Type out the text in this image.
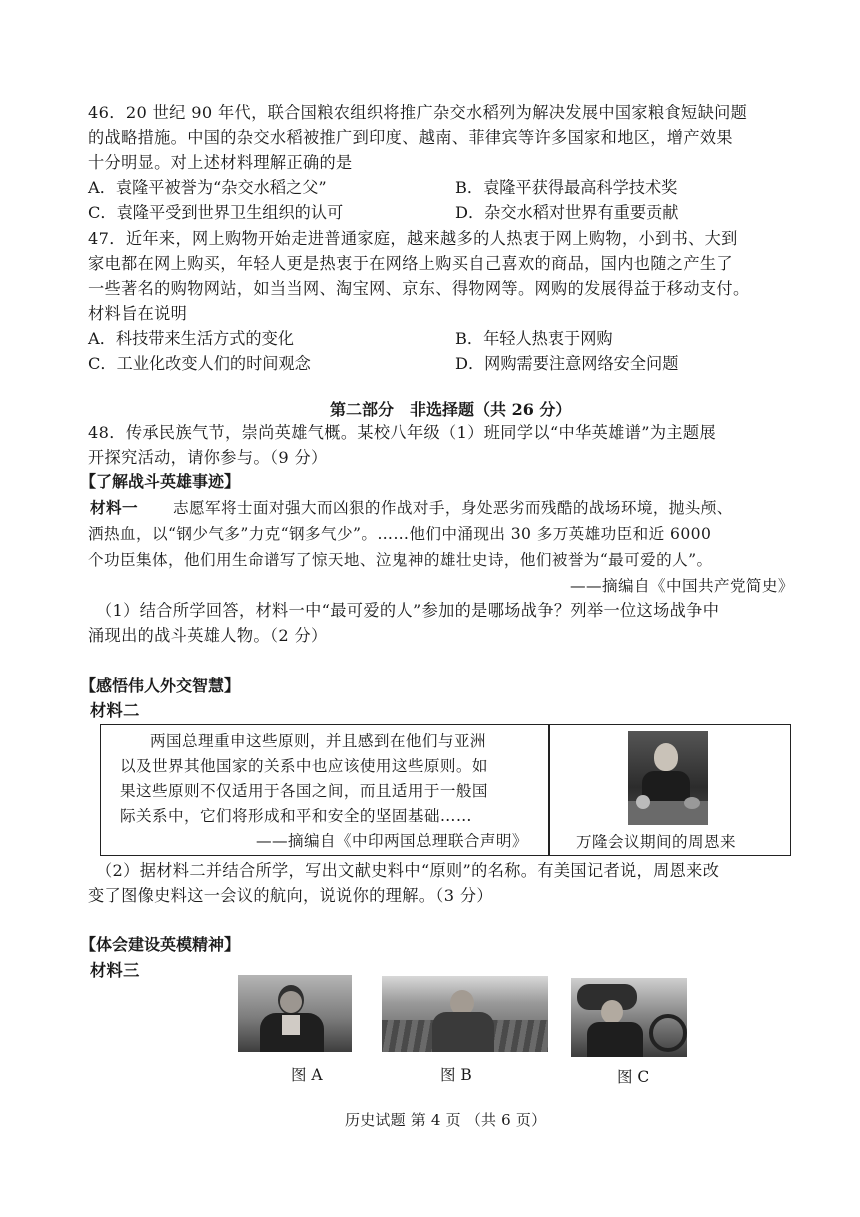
46．20 世纪 90 年代，联合国粮农组织将推广杂交水稻列为解决发展中国家粮食短缺问题
的战略措施。中国的杂交水稻被推广到印度、越南、菲律宾等许多国家和地区，增产效果
十分明显。对上述材料理解正确的是
A．袁隆平被誉为“杂交水稻之父”	B．袁隆平获得最高科学技术奖
C．袁隆平受到世界卫生组织的认可	D．杂交水稻对世界有重要贡献
47．近年来，网上购物开始走进普通家庭，越来越多的人热衷于网上购物，小到书、大到
家电都在网上购买，年轻人更是热衷于在网络上购买自己喜欢的商品，国内也随之产生了
一些著名的购物网站，如当当网、淘宝网、京东、得物网等。网购的发展得益于移动支付。
材料旨在说明
A．科技带来生活方式的变化	B．年轻人热衷于网购
C．工业化改变人们的时间观念	D．网购需要注意网络安全问题
第二部分　非选择题（共 26 分）
48．传承民族气节，崇尚英雄气概。某校八年级（1）班同学以“中华英雄谱”为主题展
开探究活动，请你参与。（9 分）
【了解战斗英雄事迹】
材料一 志愿军将士面对强大而凶狠的作战对手，身处恶劣而残酷的战场环境，抛头颅、
洒热血，以“钢少气多”力克“钢多气少”。……他们中涌现出 30 多万英雄功臣和近 6000
个功臣集体，他们用生命谱写了惊天地、泣鬼神的雄壮史诗，他们被誉为“最可爱的人”。
——摘编自《中国共产党简史》
（1）结合所学回答，材料一中“最可爱的人”参加的是哪场战争？列举一位这场战争中
涌现出的战斗英雄人物。（2 分）
【感悟伟人外交智慧】
材料二
两国总理重申这些原则，并且感到在他们与亚洲
以及世界其他国家的关系中也应该使用这些原则。如
果这些原则不仅适用于各国之间，而且适用于一般国
际关系中，它们将形成和平和安全的坚固基础……
——摘编自《中印两国总理联合声明》	万隆会议期间的周恩来
（2）据材料二并结合所学，写出文献史料中“原则”的名称。有美国记者说，周恩来改
变了图像史料这一会议的航向，说说你的理解。（3 分）
【体会建设英模精神】
材料三
图 A	图 B	图 C
历史试题 第 4 页 （共 6 页）
